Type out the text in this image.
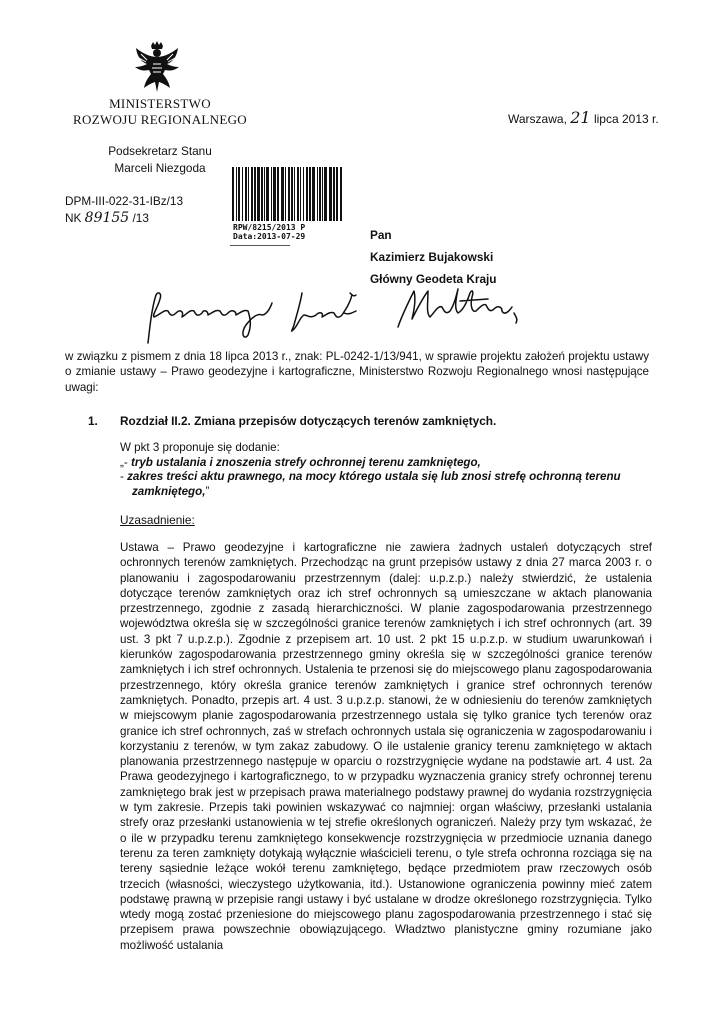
MINISTERSTWO
ROZWOJU REGIONALNEGO	Warszawa, 21 lipca 2013 r.
Podsekretarz Stanu
Marceli Niezgoda
DPM-III-022-31-IBz/13
NK 89155 /13
RPW/8215/2013 P
Data:2013-07-29	Pan
Kazimierz Bujakowski
Główny Geodeta Kraju
w związku z pismem z dnia 18 lipca 2013 r., znak: PL-0242-1/13/941, w sprawie projektu założeń projektu ustawy o zmianie ustawy – Prawo geodezyjne i kartograficzne, Ministerstwo Rozwoju Regionalnego wnosi następujące uwagi:
1. Rozdział II.2. Zmiana przepisów dotyczących terenów zamkniętych.
W pkt 3 proponuje się dodanie:
„- tryb ustalania i znoszenia strefy ochronnej terenu zamkniętego,
- zakres treści aktu prawnego, na mocy którego ustala się lub znosi strefę ochronną terenu zamkniętego,”
Uzasadnienie:
Ustawa – Prawo geodezyjne i kartograficzne nie zawiera żadnych ustaleń dotyczących stref ochronnych terenów zamkniętych. Przechodząc na grunt przepisów ustawy z dnia 27 marca 2003 r. o planowaniu i zagospodarowaniu przestrzennym (dalej: u.p.z.p.) należy stwierdzić, że ustalenia dotyczące terenów zamkniętych oraz ich stref ochronnych są umieszczane w aktach planowania przestrzennego, zgodnie z zasadą hierarchiczności. W planie zagospodarowania przestrzennego województwa określa się w szczególności granice terenów zamkniętych i ich stref ochronnych (art. 39 ust. 3 pkt 7 u.p.z.p.). Zgodnie z przepisem art. 10 ust. 2 pkt 15 u.p.z.p. w studium uwarunkowań i kierunków zagospodarowania przestrzennego gminy określa się w szczególności granice terenów zamkniętych i ich stref ochronnych. Ustalenia te przenosi się do miejscowego planu zagospodarowania przestrzennego, który określa granice terenów zamkniętych i granice stref ochronnych terenów zamkniętych. Ponadto, przepis art. 4 ust. 3 u.p.z.p. stanowi, że w odniesieniu do terenów zamkniętych w miejscowym planie zagospodarowania przestrzennego ustala się tylko granice tych terenów oraz granice ich stref ochronnych, zaś w strefach ochronnych ustala się ograniczenia w zagospodarowaniu i korzystaniu z terenów, w tym zakaz zabudowy. O ile ustalenie granicy terenu zamkniętego w aktach planowania przestrzennego następuje w oparciu o rozstrzygnięcie wydane na podstawie art. 4 ust. 2a Prawa geodezyjnego i kartograficznego, to w przypadku wyznaczenia granicy strefy ochronnej terenu zamkniętego brak jest w przepisach prawa materialnego podstawy prawnej do wydania rozstrzygnięcia w tym zakresie. Przepis taki powinien wskazywać co najmniej: organ właściwy, przesłanki ustalania strefy oraz przesłanki ustanowienia w tej strefie określonych ograniczeń. Należy przy tym wskazać, że o ile w przypadku terenu zamkniętego konsekwencje rozstrzygnięcia w przedmiocie uznania danego terenu za teren zamknięty dotykają wyłącznie właścicieli terenu, o tyle strefa ochronna rozciąga się na tereny sąsiednie leżące wokół terenu zamkniętego, będące przedmiotem praw rzeczowych osób trzecich (własności, wieczystego użytkowania, itd.). Ustanowione ograniczenia powinny mieć zatem podstawę prawną w przepisie rangi ustawy i być ustalane w drodze określonego rozstrzygnięcia. Tylko wtedy mogą zostać przeniesione do miejscowego planu zagospodarowania przestrzennego i stać się przepisem prawa powszechnie obowiązującego. Władztwo planistyczne gminy rozumiane jako możliwość ustalania
